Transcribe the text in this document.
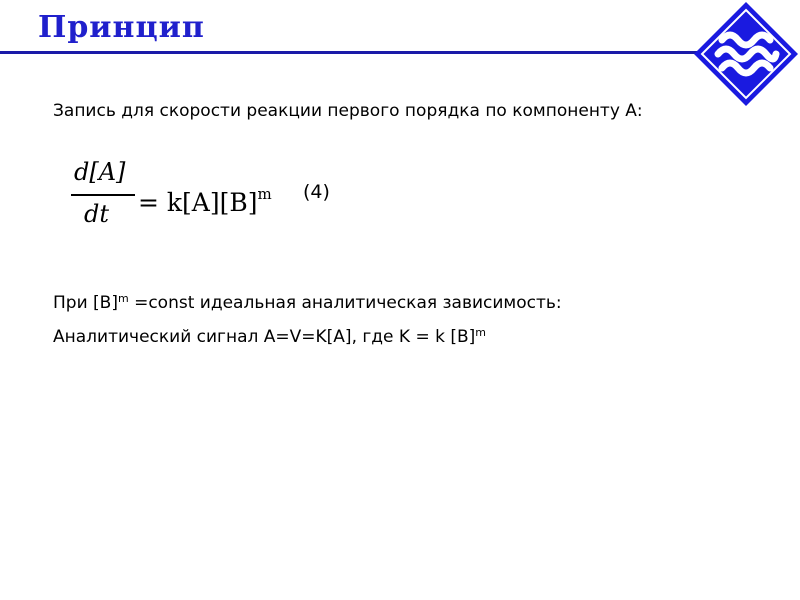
Принцип

Запись для скорости реакции первого порядка по компоненту А:

d[A]
dt = $k[A][B]^m$ (4)

При $[В]^m$ =const идеальная аналитическая зависимость:

Аналитический сигнал А=V=K[A], где K = k $[B]^m$
